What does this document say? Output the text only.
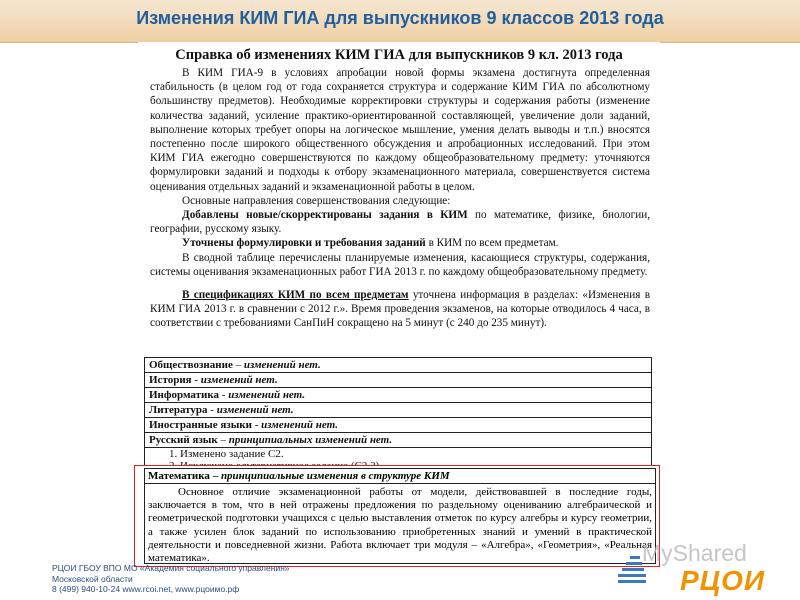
Изменения КИМ ГИА для выпускников 9 классов 2013 года
Справка об изменениях КИМ ГИА для выпускников 9 кл. 2013 года

В КИМ ГИА-9 в условиях апробации новой формы экзамена достигнута определенная стабильность (в целом год от года сохраняется структура и содержание КИМ ГИА по абсолютному большинству предметов). Необходимые корректировки структуры и содержания работы (изменение количества заданий, усиление практико-ориентированной составляющей, увеличение доли заданий, выполнение которых требует опоры на логическое мышление, умения делать выводы и т.п.) вносятся постепенно после широкого общественного обсуждения и апробационных исследований. При этом КИМ ГИА ежегодно совершенствуются по каждому общеобразовательному предмету: уточняются формулировки заданий и подходы к отбору экзаменационного материала, совершенствуется система оценивания отдельных заданий и экзаменационной работы в целом.

Основные направления совершенствования следующие:

Добавлены новые/скорректированы задания в КИМ по математике, физике, биологии, географии, русскому языку.

Уточнены формулировки и требования заданий в КИМ по всем предметам.

В сводной таблице перечислены планируемые изменения, касающиеся структуры, содержания, системы оценивания экзаменационных работ ГИА 2013 г. по каждому общеобразовательному предмету.

В спецификациях КИМ по всем предметам уточнена информация в разделах: «Изменения в КИМ ГИА 2013 г. в сравнении с 2012 г.». Время проведения экзаменов, на которые отводилось 4 часа, в соответствии с требованиями СанПиН сокращено на 5 минут (с 240 до 235 минут).

Обществознание – изменений нет.
История - изменений нет.
Информатика - изменений нет.
Литература - изменений нет.
Иностранные языки - изменений нет.
Русский язык – принципиальных изменений нет.
1. Изменено задание С2.
Математика – принципиальные изменения в структуре КИМ
Основное отличие экзаменационной работы от модели, действовавшей в последние годы, заключается в том, что в ней отражены предложения по раздельному оцениванию алгебраической и геометрической подготовки учащихся с целью выставления отметок по курсу алгебры и курсу геометрии, а также усилен блок заданий по использованию приобретенных знаний и умений в практической деятельности и повседневной жизни. Работа включает три модуля – «Алгебра», «Геометрия», «Реальная математика».
РЦОИ ГБОУ ВПО МО «Академия социального управления»
Московской области
8 (499) 940-10-24 www.rcoi.net, www.рцоимо.рф
MyShared
РЦОИ
